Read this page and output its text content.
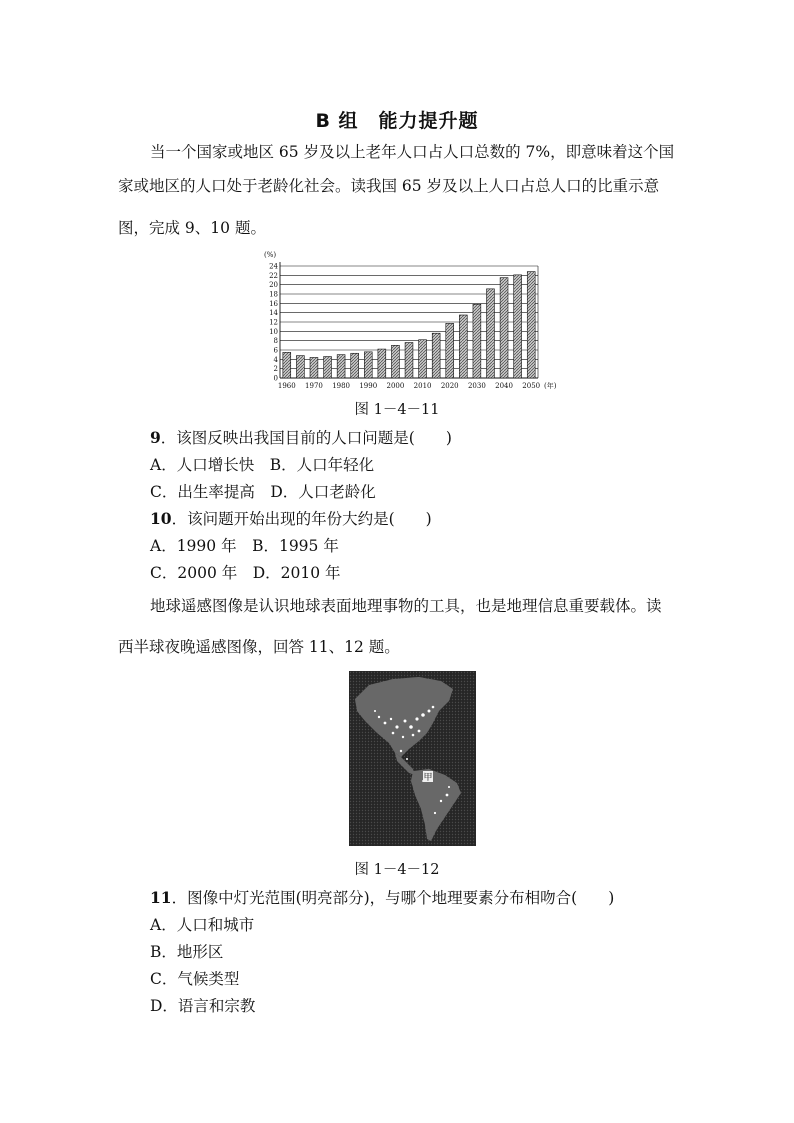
B 组　能力提升题
当一个国家或地区 65 岁及以上老年人口占人口总数的 7%，即意味着这个国
家或地区的人口处于老龄化社会。读我国 65 岁及以上人口占总人口的比重示意
图，完成 9、10 题。
0
2
4
6
8
10
12
14
16
18
20
22
24
(%)
1960 1970 1980 1990 2000 2010 2020 2030 2040 2050 (年)
图 1－4－11
9．该图反映出我国目前的人口问题是(　　)
A．人口增长快　B．人口年轻化
C．出生率提高　D．人口老龄化
10．该问题开始出现的年份大约是(　　)
A．1990 年　B．1995 年
C．2000 年　D．2010 年
地球遥感图像是认识地球表面地理事物的工具，也是地理信息重要载体。读
西半球夜晚遥感图像，回答 11、12 题。
甲
图 1－4－12
11．图像中灯光范围(明亮部分)，与哪个地理要素分布相吻合(　　)
A．人口和城市
B．地形区
C．气候类型
D．语言和宗教
